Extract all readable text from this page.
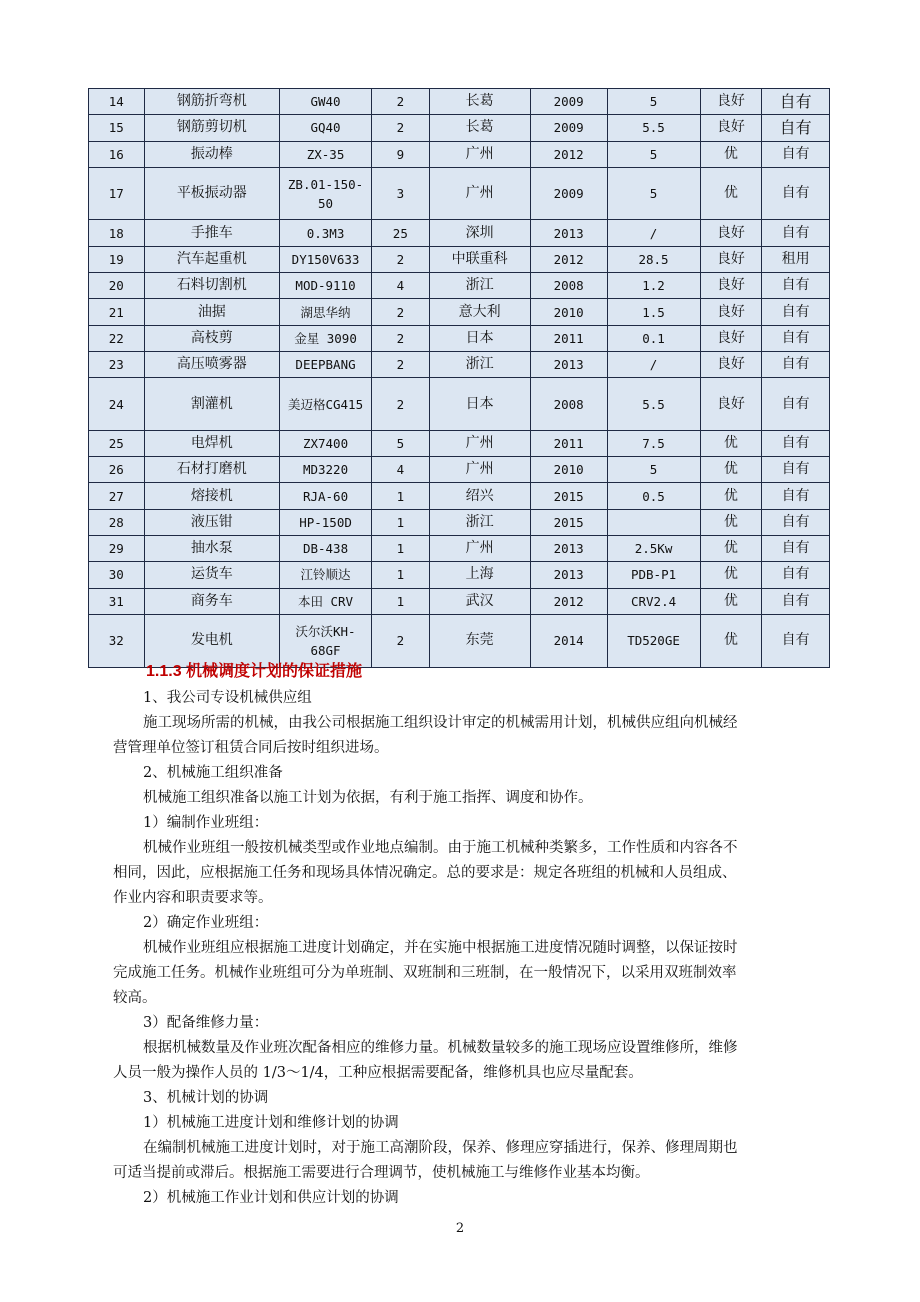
14	钢筋折弯机	GW40	2	长葛	2009	5	良好	自有
15	钢筋剪切机	GQ40	2	长葛	2009	5.5	良好	自有
16	振动棒	ZX-35	9	广州	2012	5	优	自有
17	平板振动器	ZB.01-150-50	3	广州	2009	5	优	自有
18	手推车	0.3M3	25	深圳	2013	/	良好	自有
19	汽车起重机	DY150V633	2	中联重科	2012	28.5	良好	租用
20	石料切割机	MOD-9110	4	浙江	2008	1.2	良好	自有
21	油据	湖思华纳	2	意大利	2010	1.5	良好	自有
22	高枝剪	金星 3090	2	日本	2011	0.1	良好	自有
23	高压喷雾器	DEEPBANG	2	浙江	2013	/	良好	自有
24	割灌机	美迈格CG415	2	日本	2008	5.5	良好	自有
25	电焊机	ZX7400	5	广州	2011	7.5	优	自有
26	石材打磨机	MD3220	4	广州	2010	5	优	自有
27	熔接机	RJA-60	1	绍兴	2015	0.5	优	自有
28	液压钳	HP-150D	1	浙江	2015		优	自有
29	抽水泵	DB-438	1	广州	2013	2.5Kw	优	自有
30	运货车	江铃顺达	1	上海	2013	PDB-P1	优	自有
31	商务车	本田 CRV	1	武汉	2012	CRV2.4	优	自有
32	发电机	沃尔沃KH-68GF	2	东莞	2014	TD520GE	优	自有
1.1.3 机械调度计划的保证措施

1、我公司专设机械供应组

施工现场所需的机械，由我公司根据施工组织设计审定的机械需用计划，机械供应组向机械经

营管理单位签订租赁合同后按时组织进场。

2、机械施工组织准备

机械施工组织准备以施工计划为依据，有利于施工指挥、调度和协作。

1）编制作业班组：

机械作业班组一般按机械类型或作业地点编制。由于施工机械种类繁多，工作性质和内容各不

相同，因此，应根据施工任务和现场具体情况确定。总的要求是：规定各班组的机械和人员组成、

作业内容和职责要求等。

2）确定作业班组：

机械作业班组应根据施工进度计划确定，并在实施中根据施工进度情况随时调整，以保证按时

完成施工任务。机械作业班组可分为单班制、双班制和三班制，在一般情况下，以采用双班制效率

较高。

3）配备维修力量：

根据机械数量及作业班次配备相应的维修力量。机械数量较多的施工现场应设置维修所，维修

人员一般为操作人员的 1/3～1/4，工种应根据需要配备，维修机具也应尽量配套。

3、机械计划的协调

1）机械施工进度计划和维修计划的协调

在编制机械施工进度计划时，对于施工高潮阶段，保养、修理应穿插进行，保养、修理周期也

可适当提前或滞后。根据施工需要进行合理调节，使机械施工与维修作业基本均衡。

2）机械施工作业计划和供应计划的协调

2
